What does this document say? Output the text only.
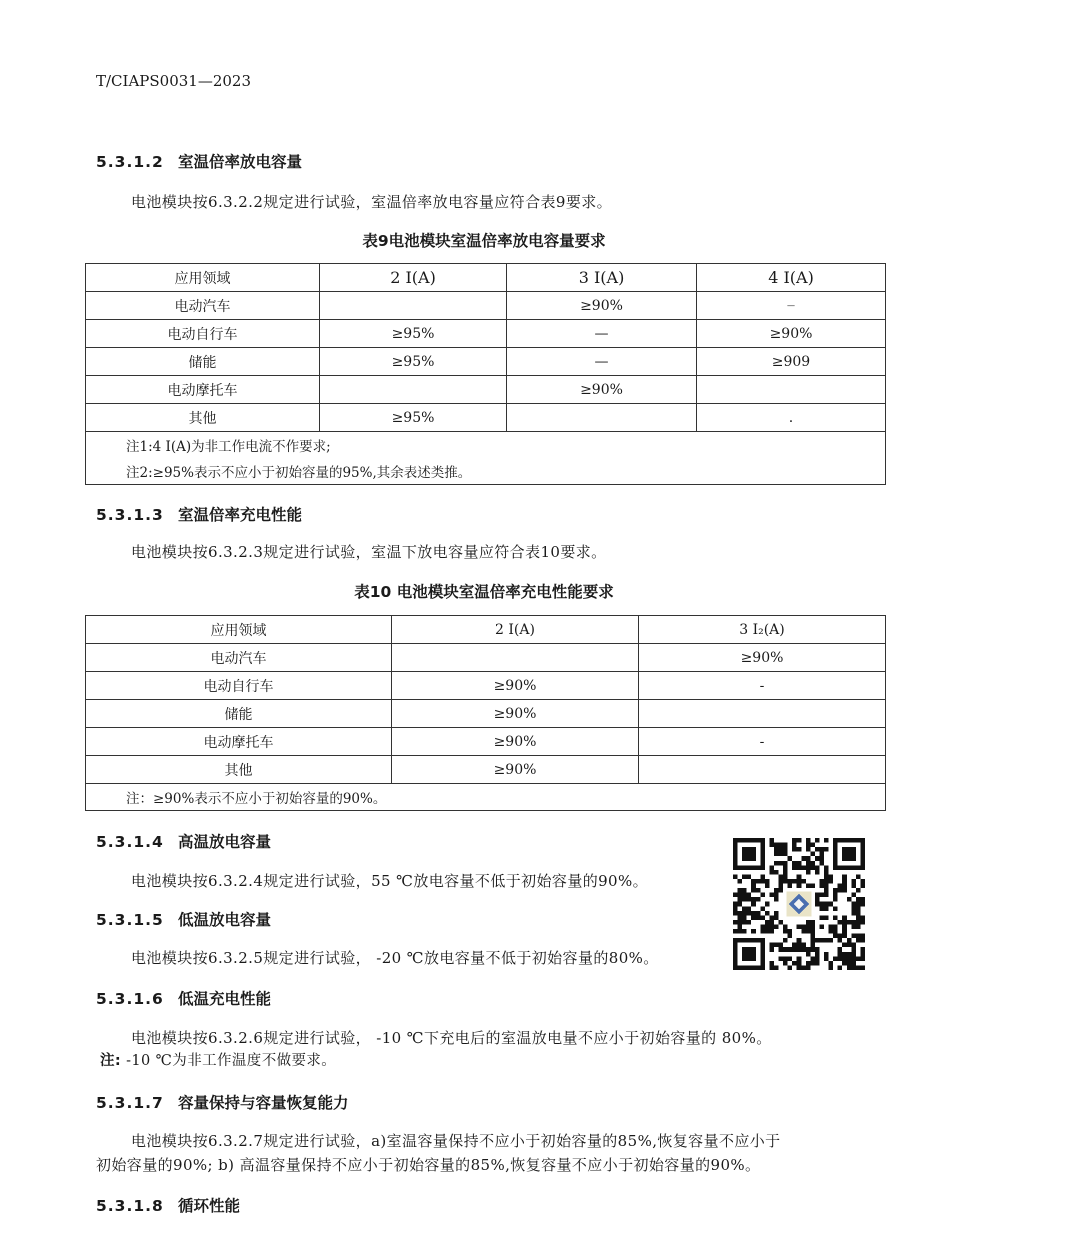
T/CIAPS0031—2023
5.3.1.2 室温倍率放电容量
电池模块按6.3.2.2规定进行试验，室温倍率放电容量应符合表9要求。
表9电池模块室温倍率放电容量要求
应用领域	2 I(A)	3 I(A)	4 I(A)
电动汽车		≥90%	—
电动自行车	≥95%	—	≥90%
储能	≥95%	—	≥909
电动摩托车		≥90%	
其他	≥95%		.
注1:4 I(A)为非工作电流不作要求;			
注2:≥95%表示不应小于初始容量的95%,其余表述类推。			
5.3.1.3 室温倍率充电性能
电池模块按6.3.2.3规定进行试验，室温下放电容量应符合表10要求。
表10 电池模块室温倍率充电性能要求
应用领域	2 I(A)	3 I₂(A)
电动汽车		≥90%
电动自行车	≥90%	-
储能	≥90%	
电动摩托车	≥90%	-
其他	≥90%	
注：≥90%表示不应小于初始容量的90%。		
5.3.1.4 高温放电容量
电池模块按6.3.2.4规定进行试验，55 ℃放电容量不低于初始容量的90%。
5.3.1.5 低温放电容量
电池模块按6.3.2.5规定进行试验， -20 ℃放电容量不低于初始容量的80%。
5.3.1.6 低温充电性能
电池模块按6.3.2.6规定进行试验， -10 ℃下充电后的室温放电量不应小于初始容量的 80%。
注: -10 ℃为非工作温度不做要求。
5.3.1.7 容量保持与容量恢复能力
电池模块按6.3.2.7规定进行试验，a)室温容量保持不应小于初始容量的85%,恢复容量不应小于
初始容量的90%; b) 高温容量保持不应小于初始容量的85%,恢复容量不应小于初始容量的90%。
5.3.1.8 循环性能
